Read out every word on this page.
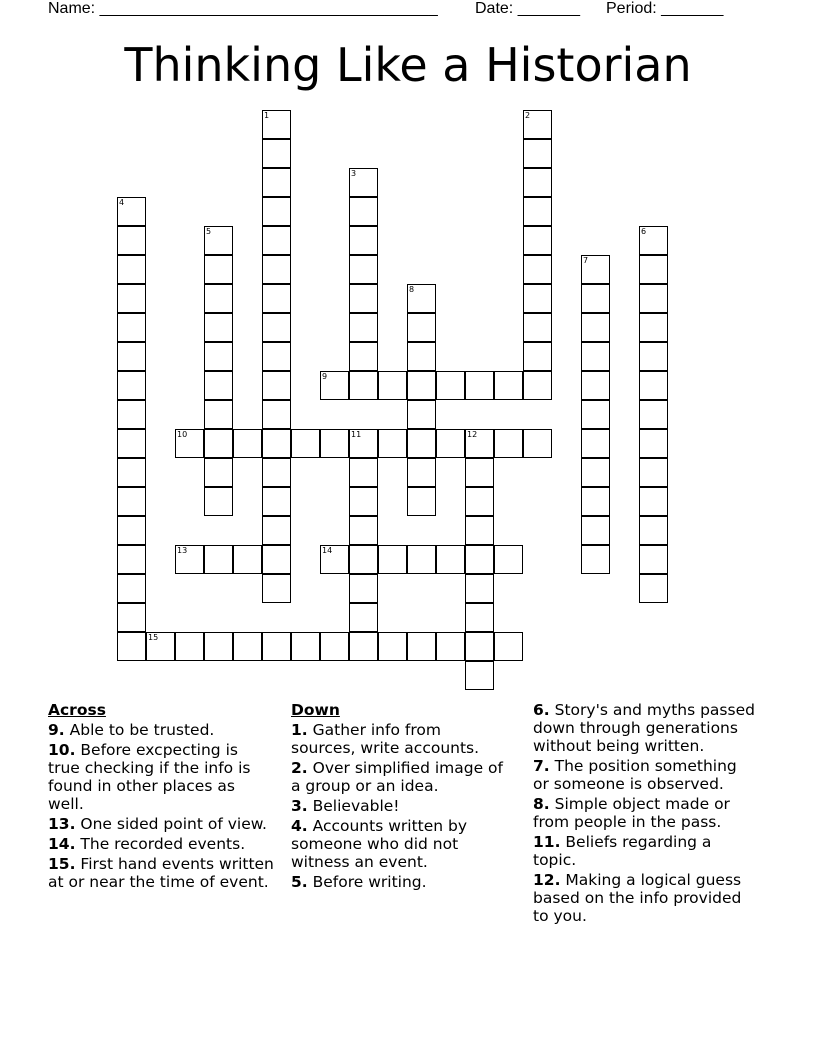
Name: ______________________________________ Date: _______ Period: _______
Thinking Like a Historian
1	2
3
4
5	6
7
8
9
10	11	12
13	14
15
Across
9. Able to be trusted.
10. Before excpecting is true checking if the info is found in other places as well.
13. One sided point of view.
14. The recorded events.
15. First hand events written at or near the time of event.
Down
1. Gather info from sources, write accounts.
2. Over simplified image of a group or an idea.
3. Believable!
4. Accounts written by someone who did not witness an event.
5. Before writing.
6. Story's and myths passed down through generations without being written.
7. The position something or someone is observed.
8. Simple object made or from people in the pass.
11. Beliefs regarding a topic.
12. Making a logical guess based on the info provided to you.
